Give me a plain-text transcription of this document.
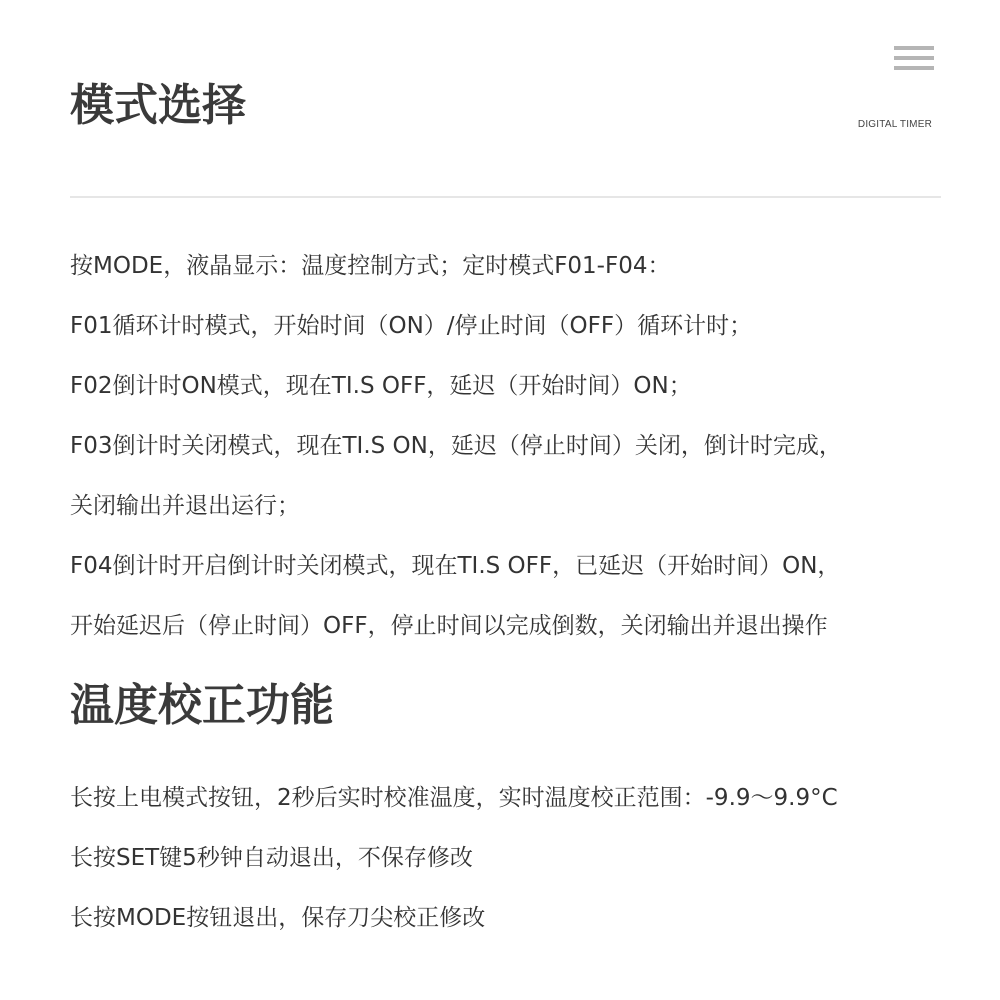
模式选择	DIGITAL TIMER

按MODE，液晶显示：温度控制方式；定时模式F01-F04：

F01循环计时模式，开始时间（ON）/停止时间（OFF）循环计时；

F02倒计时ON模式，现在TI.S OFF，延迟（开始时间）ON；

F03倒计时关闭模式，现在TI.S ON，延迟（停止时间）关闭，倒计时完成，

关闭输出并退出运行；

F04倒计时开启倒计时关闭模式，现在TI.S OFF，已延迟（开始时间）ON，

开始延迟后（停止时间）OFF，停止时间以完成倒数，关闭输出并退出操作

温度校正功能

长按上电模式按钮，2秒后实时校准温度，实时温度校正范围：-9.9～9.9°C

长按SET键5秒钟自动退出，不保存修改

长按MODE按钮退出，保存刀尖校正修改
